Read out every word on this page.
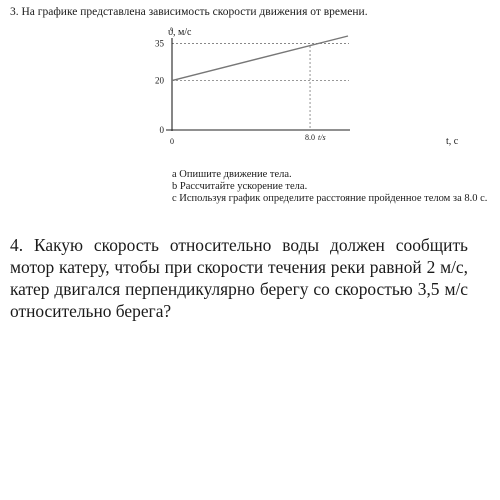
3. На графике представлена зависимость скорости движения от времени.
ϑ, м/с
0
20
35
0	8.0 t/s	t, c
a Опишите движение тела.
b Рассчитайте ускорение тела.
c Используя график определите расстояние пройденное телом за 8.0 с.
4. Какую скорость относительно воды должен сообщить мотор катеру, чтобы при скорости течения реки равной 2 м/с, катер двигался перпендикулярно берегу со скоростью 3,5 м/с относительно берега?
